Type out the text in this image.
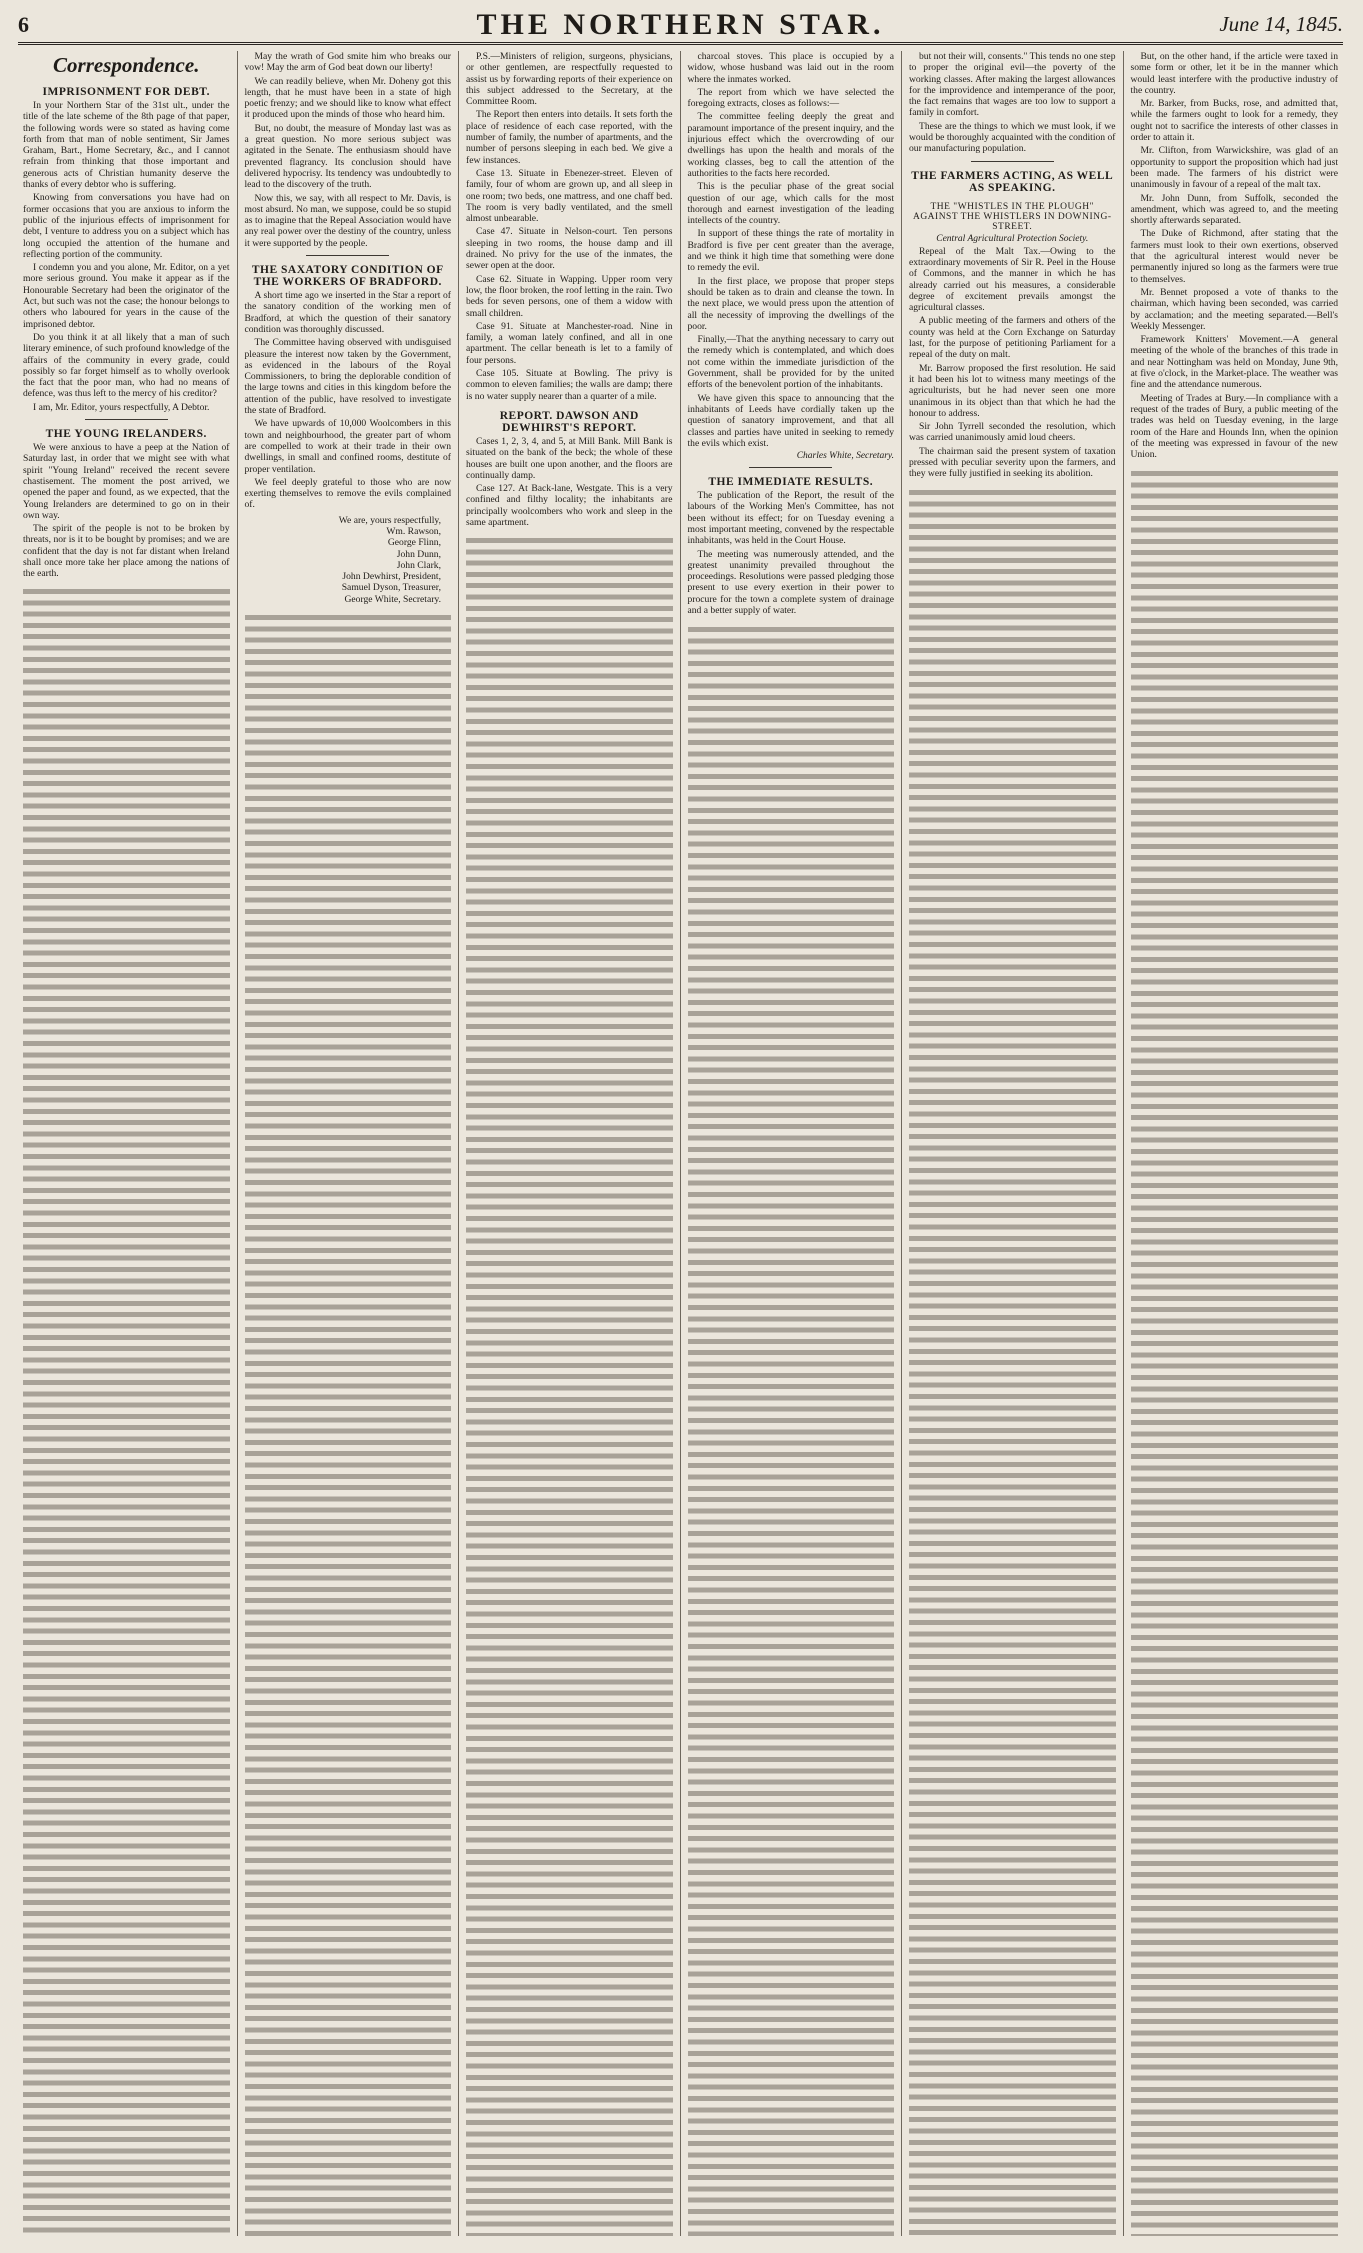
6	THE NORTHERN STAR.	June 14, 1845.
Correspondence.
IMPRISONMENT FOR DEBT.

In your Northern Star of the 31st ult., under the title of the late scheme of the 8th page of that paper, the following words were so stated as having come forth from that man of noble sentiment, Sir James Graham, Bart., Home Secretary, &c., and I cannot refrain from thinking that those important and generous acts of Christian humanity deserve the thanks of every debtor who is suffering.

Knowing from conversations you have had on former occasions that you are anxious to inform the public of the injurious effects of imprisonment for debt, I venture to address you on a subject which has long occupied the attention of the humane and reflecting portion of the community.

I condemn you and you alone, Mr. Editor, on a yet more serious ground. You make it appear as if the Honourable Secretary had been the originator of the Act, but such was not the case; the honour belongs to others who laboured for years in the cause of the imprisoned debtor.

Do you think it at all likely that a man of such literary eminence, of such profound knowledge of the affairs of the community in every grade, could possibly so far forget himself as to wholly overlook the fact that the poor man, who had no means of defence, was thus left to the mercy of his creditor?

I am, Mr. Editor, yours respectfully, A Debtor.

THE YOUNG IRELANDERS.

We were anxious to have a peep at the Nation of Saturday last, in order that we might see with what spirit "Young Ireland" received the recent severe chastisement. The moment the post arrived, we opened the paper and found, as we expected, that the Young Irelanders are determined to go on in their own way.

The spirit of the people is not to be broken by threats, nor is it to be bought by promises; and we are confident that the day is not far distant when Ireland shall once more take her place among the nations of the earth.

May the wrath of God smite him who breaks our vow! May the arm of God beat down our liberty!

We can readily believe, when Mr. Doheny got this length, that he must have been in a state of high poetic frenzy; and we should like to know what effect it produced upon the minds of those who heard him.

But, no doubt, the measure of Monday last was as a great question. No more serious subject was agitated in the Senate. The enthusiasm should have prevented flagrancy. Its conclusion should have delivered hypocrisy. Its tendency was undoubtedly to lead to the discovery of the truth.

Now this, we say, with all respect to Mr. Davis, is most absurd. No man, we suppose, could be so stupid as to imagine that the Repeal Association would have any real power over the destiny of the country, unless it were supported by the people.

THE SAXATORY CONDITION OF THE WORKERS OF BRADFORD.

A short time ago we inserted in the Star a report of the sanatory condition of the working men of Bradford, at which the question of their sanatory condition was thoroughly discussed.

The Committee having observed with undisguised pleasure the interest now taken by the Government, as evidenced in the labours of the Royal Commissioners, to bring the deplorable condition of the large towns and cities in this kingdom before the attention of the public, have resolved to investigate the state of Bradford.

We have upwards of 10,000 Woolcombers in this town and neighbourhood, the greater part of whom are compelled to work at their trade in their own dwellings, in small and confined rooms, destitute of proper ventilation.

We feel deeply grateful to those who are now exerting themselves to remove the evils complained of.

We are, yours respectfully,
Wm. Rawson,
George Flinn,
John Dunn,
John Clark,
John Dewhirst, President,
Samuel Dyson, Treasurer,
George White, Secretary.

P.S.—Ministers of religion, surgeons, physicians, or other gentlemen, are respectfully requested to assist us by forwarding reports of their experience on this subject addressed to the Secretary, at the Committee Room.

The Report then enters into details. It sets forth the place of residence of each case reported, with the number of family, the number of apartments, and the number of persons sleeping in each bed. We give a few instances.

Case 13. Situate in Ebenezer-street. Eleven of family, four of whom are grown up, and all sleep in one room; two beds, one mattress, and one chaff bed. The room is very badly ventilated, and the smell almost unbearable.

Case 47. Situate in Nelson-court. Ten persons sleeping in two rooms, the house damp and ill drained. No privy for the use of the inmates, the sewer open at the door.

Case 62. Situate in Wapping. Upper room very low, the floor broken, the roof letting in the rain. Two beds for seven persons, one of them a widow with small children.

Case 91. Situate at Manchester-road. Nine in family, a woman lately confined, and all in one apartment. The cellar beneath is let to a family of four persons.

Case 105. Situate at Bowling. The privy is common to eleven families; the walls are damp; there is no water supply nearer than a quarter of a mile.

REPORT. DAWSON AND DEWHIRST'S REPORT.

Cases 1, 2, 3, 4, and 5, at Mill Bank. Mill Bank is situated on the bank of the beck; the whole of these houses are built one upon another, and the floors are continually damp.

Case 127. At Back-lane, Westgate. This is a very confined and filthy locality; the inhabitants are principally woolcombers who work and sleep in the same apartment.

charcoal stoves. This place is occupied by a widow, whose husband was laid out in the room where the inmates worked.

The report from which we have selected the foregoing extracts, closes as follows:—

The committee feeling deeply the great and paramount importance of the present inquiry, and the injurious effect which the overcrowding of our dwellings has upon the health and morals of the working classes, beg to call the attention of the authorities to the facts here recorded.

This is the peculiar phase of the great social question of our age, which calls for the most thorough and earnest investigation of the leading intellects of the country.

In support of these things the rate of mortality in Bradford is five per cent greater than the average, and we think it high time that something were done to remedy the evil.

In the first place, we propose that proper steps should be taken as to drain and cleanse the town. In the next place, we would press upon the attention of all the necessity of improving the dwellings of the poor.

Finally,—That the anything necessary to carry out the remedy which is contemplated, and which does not come within the immediate jurisdiction of the Government, shall be provided for by the united efforts of the benevolent portion of the inhabitants.

We have given this space to announcing that the inhabitants of Leeds have cordially taken up the question of sanatory improvement, and that all classes and parties have united in seeking to remedy the evils which exist.

Charles White, Secretary.
THE IMMEDIATE RESULTS.

The publication of the Report, the result of the labours of the Working Men's Committee, has not been without its effect; for on Tuesday evening a most important meeting, convened by the respectable inhabitants, was held in the Court House.

The meeting was numerously attended, and the greatest unanimity prevailed throughout the proceedings. Resolutions were passed pledging those present to use every exertion in their power to procure for the town a complete system of drainage and a better supply of water.

but not their will, consents." This tends no one step to proper the original evil—the poverty of the working classes. After making the largest allowances for the improvidence and intemperance of the poor, the fact remains that wages are too low to support a family in comfort.

These are the things to which we must look, if we would be thoroughly acquainted with the condition of our manufacturing population.

THE FARMERS ACTING, AS WELL AS SPEAKING.
THE "WHISTLES IN THE PLOUGH" AGAINST THE WHISTLERS IN DOWNING-STREET.
Central Agricultural Protection Society.

Repeal of the Malt Tax.—Owing to the extraordinary movements of Sir R. Peel in the House of Commons, and the manner in which he has already carried out his measures, a considerable degree of excitement prevails amongst the agricultural classes.

A public meeting of the farmers and others of the county was held at the Corn Exchange on Saturday last, for the purpose of petitioning Parliament for a repeal of the duty on malt.

Mr. Barrow proposed the first resolution. He said it had been his lot to witness many meetings of the agriculturists, but he had never seen one more unanimous in its object than that which he had the honour to address.

Sir John Tyrrell seconded the resolution, which was carried unanimously amid loud cheers.

The chairman said the present system of taxation pressed with peculiar severity upon the farmers, and they were fully justified in seeking its abolition.

But, on the other hand, if the article were taxed in some form or other, let it be in the manner which would least interfere with the productive industry of the country.

Mr. Barker, from Bucks, rose, and admitted that, while the farmers ought to look for a remedy, they ought not to sacrifice the interests of other classes in order to attain it.

Mr. Clifton, from Warwickshire, was glad of an opportunity to support the proposition which had just been made. The farmers of his district were unanimously in favour of a repeal of the malt tax.

Mr. John Dunn, from Suffolk, seconded the amendment, which was agreed to, and the meeting shortly afterwards separated.

The Duke of Richmond, after stating that the farmers must look to their own exertions, observed that the agricultural interest would never be permanently injured so long as the farmers were true to themselves.

Mr. Bennet proposed a vote of thanks to the chairman, which having been seconded, was carried by acclamation; and the meeting separated.—Bell's Weekly Messenger.

Framework Knitters' Movement.—A general meeting of the whole of the branches of this trade in and near Nottingham was held on Monday, June 9th, at five o'clock, in the Market-place. The weather was fine and the attendance numerous.

Meeting of Trades at Bury.—In compliance with a request of the trades of Bury, a public meeting of the trades was held on Tuesday evening, in the large room of the Hare and Hounds Inn, when the opinion of the meeting was expressed in favour of the new Union.
